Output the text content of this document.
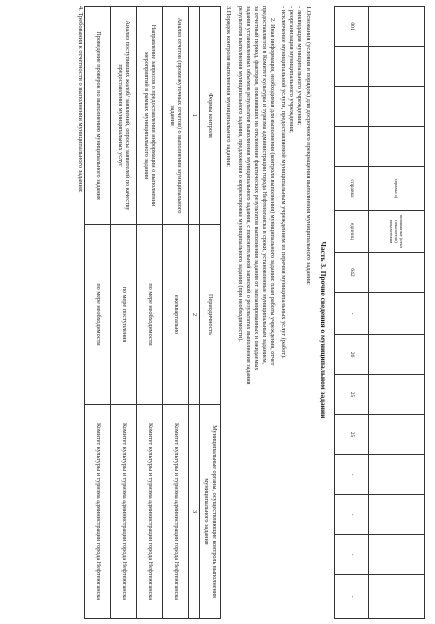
				справка а)	возможные (откл показатели) показателям									
001				справка	единиц	642	-	26	25	25	-	-	-	-
Часть 3. Прочие сведения о муниципальном задании
1.Основания (условия и порядок) для досрочного прекращения выполнения муниципального задания:
- ликвидация муниципального учреждения;
- реорганизация муниципального учреждения;
- исключение муниципальной услуги, предоставляемой муниципальным учреждением из перечня муниципальных услуг (работ).
2. Иная информация, необходимая для выполнения (контроля выполнения) муниципального задания: план работы учреждения, отчет
предоставляется в Комитет культуры и туризма администрации города Нефтеюганска в сроки, установленные муниципальным заданием,
за отчетный период, факторов, повлиявших на отклонение фактических результатов выполнения задания от запланированных и ожидаемых
задания установленных объемов результатов выполнения муниципального задания, с пояснительной запиской о результатах выполнения задания
результатов выполнения муниципального задания, предложения о корректировке муниципального задания (при необходимости).
3.Порядок контроля выполнения муниципального задания:
Формы контроля	Периодичность	Муниципальные органы, осуществляющие контроль выполнения муниципального задания
1	2	3
Анализ отчетов (промежуточных отчетов) о выполнении муниципального задания	ежеквартально	Комитет культуры и туризма администрации города Нефтеюганска
Направление запросов о предоставлении информации о выполнении мероприятий в рамках муниципального задания	по мере необходимости	Комитет культуры и туризма администрации города Нефтеюганска
Анализ поступивших жалоб/ заявлений, опросы заявителей по качеству предоставления муниципальных услуг	по мере поступления	Комитет культуры и туризма администрации города Нефтеюганска
Проведение проверок по выполнению муниципального задания	по мере необходимости	Комитет культуры и туризма администрации города Нефтеюганска
4. Требования к отчетности о выполнении муниципального задания:
